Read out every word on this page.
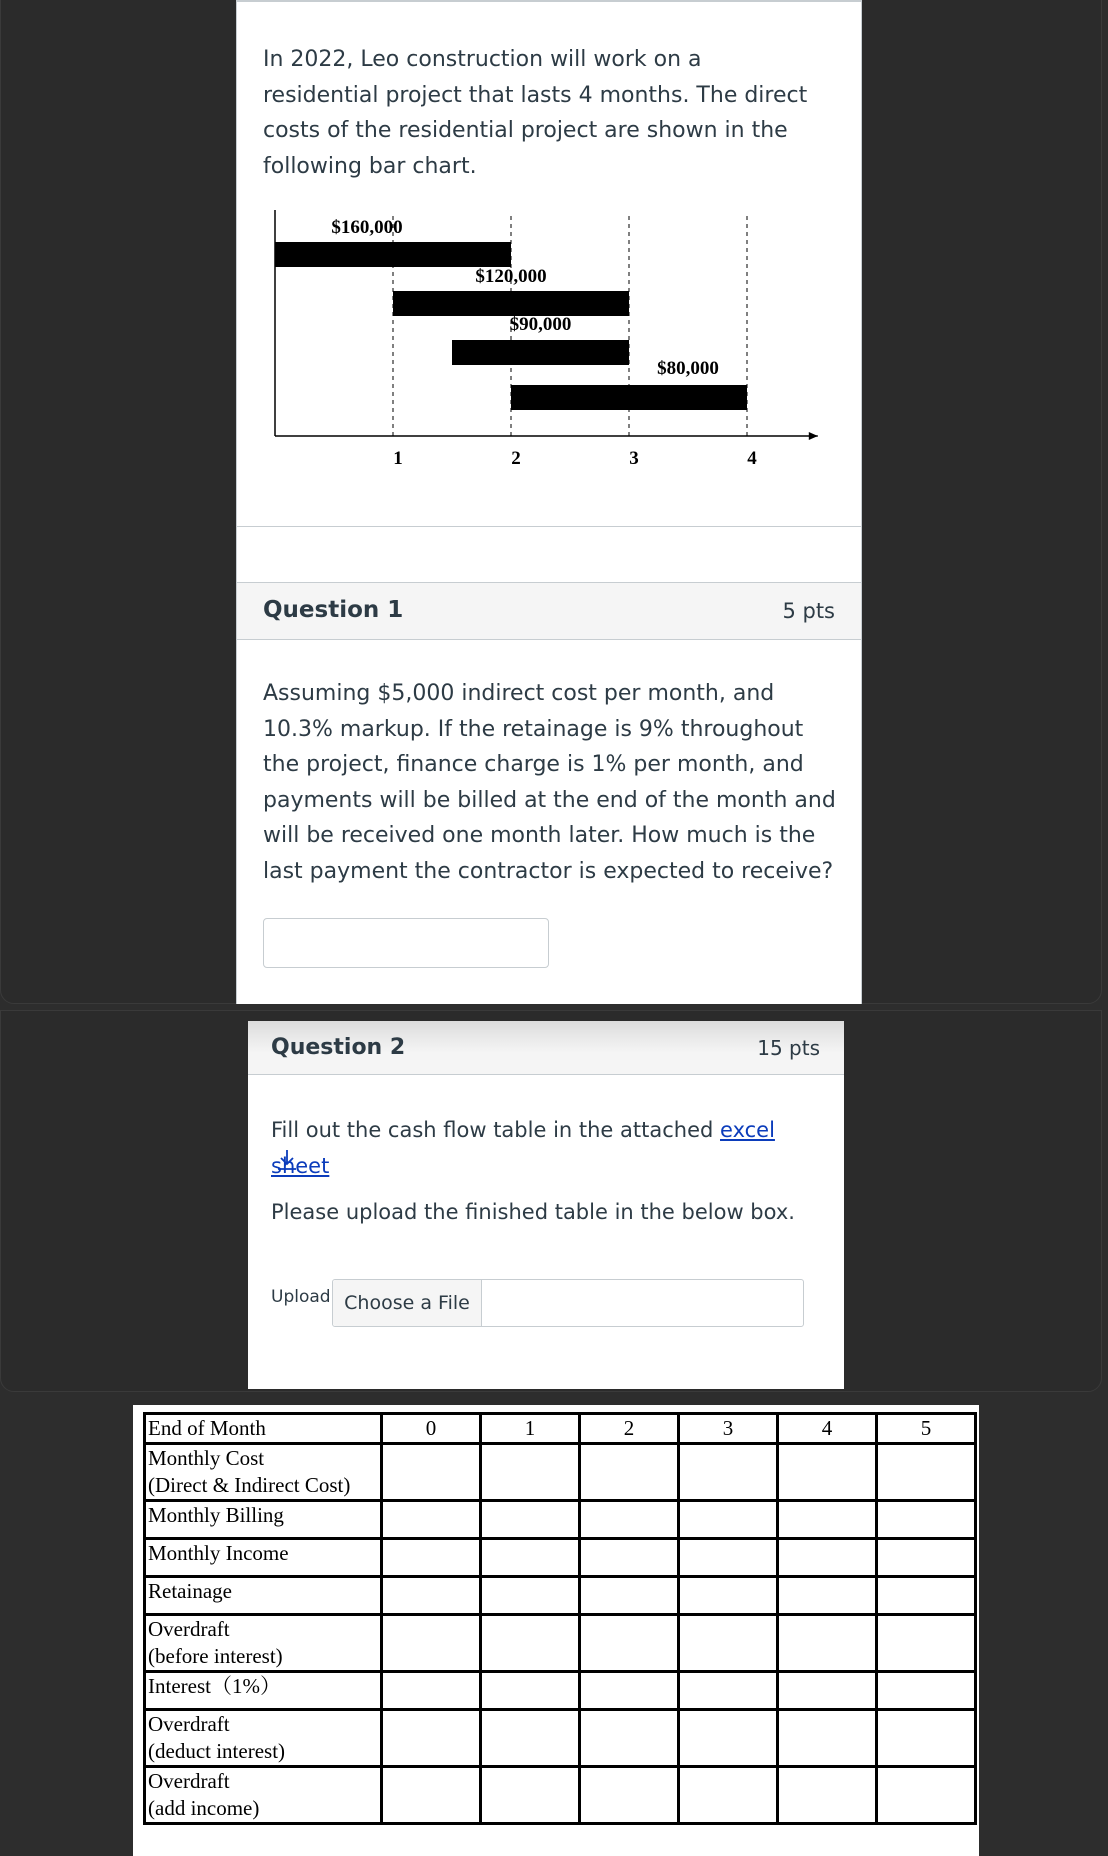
In 2022, Leo construction will work on a residential project that lasts 4 months. The direct costs of the residential project are shown in the following bar chart.
$160,000
A
$120,000
B
$90,000
C
$80,000
D
1	2	3	4
Question 1	5 pts
Assuming $5,000 indirect cost per month, and 10.3% markup. If the retainage is 9% throughout the project, finance charge is 1% per month, and payments will be billed at the end of the month and will be received one month later. How much is the last payment the contractor is expected to receive?
Question 2	15 pts
Fill out the cash flow table in the attached excel sheet
Please upload the finished table in the below box.
Upload Choose a File
End of Month	0	1	2	3	4	5

Monthly Cost
(Direct & Indirect Cost)						

Monthly Billing						

Monthly Income						

Retainage						

Overdraft
(before interest)						

Interest（1%）						

Overdraft
(deduct interest)						

Overdraft
(add income)						
